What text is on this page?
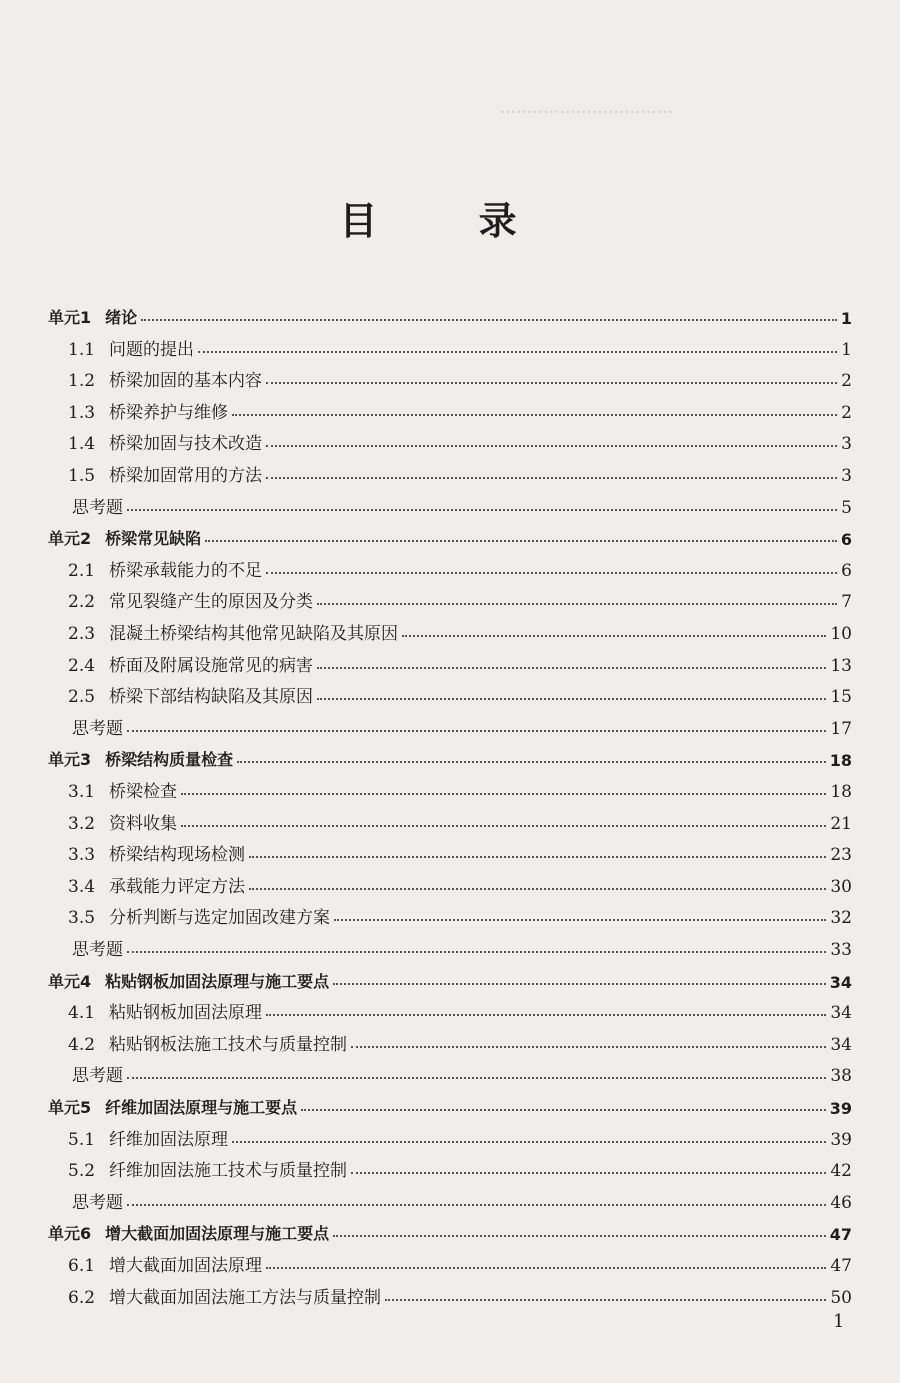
................................
目 录
单元1 绪论	1
1.1 问题的提出	1
1.2 桥梁加固的基本内容	2
1.3 桥梁养护与维修	2
1.4 桥梁加固与技术改造	3
1.5 桥梁加固常用的方法	3
思考题	5
单元2 桥梁常见缺陷	6
2.1 桥梁承载能力的不足	6
2.2 常见裂缝产生的原因及分类	7
2.3 混凝土桥梁结构其他常见缺陷及其原因	10
2.4 桥面及附属设施常见的病害	13
2.5 桥梁下部结构缺陷及其原因	15
思考题	17
单元3 桥梁结构质量检查	18
3.1 桥梁检查	18
3.2 资料收集	21
3.3 桥梁结构现场检测	23
3.4 承载能力评定方法	30
3.5 分析判断与选定加固改建方案	32
思考题	33
单元4 粘贴钢板加固法原理与施工要点	34
4.1 粘贴钢板加固法原理	34
4.2 粘贴钢板法施工技术与质量控制	34
思考题	38
单元5 纤维加固法原理与施工要点	39
5.1 纤维加固法原理	39
5.2 纤维加固法施工技术与质量控制	42
思考题	46
单元6 增大截面加固法原理与施工要点	47
6.1 增大截面加固法原理	47
6.2 增大截面加固法施工方法与质量控制	50
1
